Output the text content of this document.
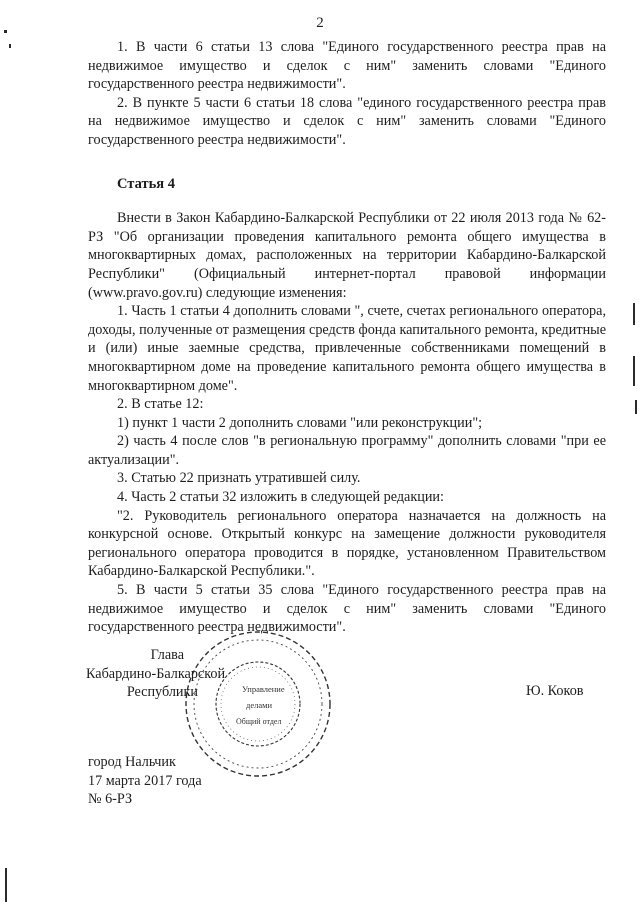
2

1. В части 6 статьи 13 слова "Единого государственного реестра прав на недвижимое имущество и сделок с ним" заменить словами "Единого государственного реестра недвижимости".

2. В пункте 5 части 6 статьи 18 слова "единого государственного реестра прав на недвижимое имущество и сделок с ним" заменить словами "Единого государственного реестра недвижимости".

Статья 4

Внести в Закон Кабардино-Балкарской Республики от 22 июля 2013 года № 62-РЗ "Об организации проведения капитального ремонта общего имущества в многоквартирных домах, расположенных на территории Кабардино-Балкарской Республики" (Официальный интернет-портал правовой информации (www.pravo.gov.ru) следующие изменения:

1. Часть 1 статьи 4 дополнить словами ", счете, счетах регионального оператора, доходы, полученные от размещения средств фонда капитального ремонта, кредитные и (или) иные заемные средства, привлеченные собственниками помещений в многоквартирном доме на проведение капитального ремонта общего имущества в многоквартирном доме".

2. В статье 12:

1) пункт 1 части 2 дополнить словами "или реконструкции";

2) часть 4 после слов "в региональную программу" дополнить словами "при ее актуализации".

3. Статью 22 признать утратившей силу.

4. Часть 2 статьи 32 изложить в следующей редакции:

"2. Руководитель регионального оператора назначается на должность на конкурсной основе. Открытый конкурс на замещение должности руководителя регионального оператора проводится в порядке, установленном Правительством Кабардино-Балкарской Республики.".

5. В части 5 статьи 35 слова "Единого государственного реестра прав на недвижимое имущество и сделок с ним" заменить словами "Единого государственного реестра недвижимости".

Управление
делами
Общий отдел
Глава
Кабардино-Балкарской
Республики	Ю. Коков
город Нальчик
17 марта 2017 года
№ 6-РЗ
